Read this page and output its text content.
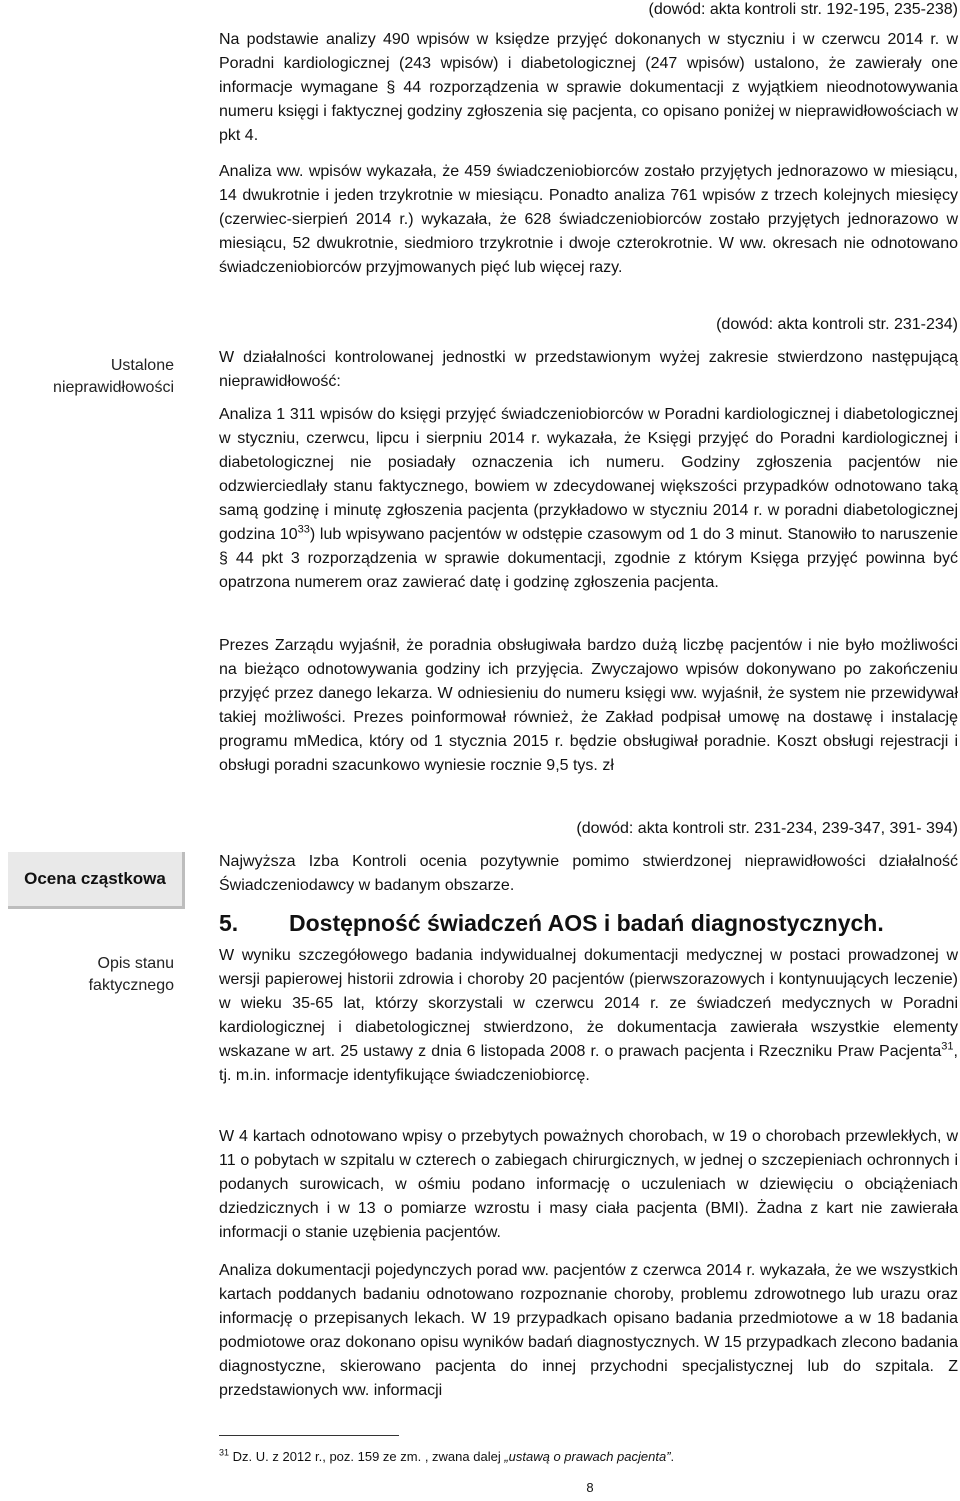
Ustalone
nieprawidłowości
Ocena cząstkowa
Opis stanu
faktycznego
(dowód: akta kontroli str. 192-195, 235-238)

Na podstawie analizy 490 wpisów w księdze przyjęć dokonanych w styczniu i w czerwcu 2014 r. w Poradni kardiologicznej (243 wpisów) i diabetologicznej (247 wpisów) ustalono, że zawierały one informacje wymagane § 44 rozporządzenia w sprawie dokumentacji z wyjątkiem nieodnotowywania numeru księgi i faktycznej godziny zgłoszenia się pacjenta, co opisano poniżej w nieprawidłowościach w pkt 4.

Analiza ww. wpisów wykazała, że 459 świadczeniobiorców zostało przyjętych jednorazowo w miesiącu, 14 dwukrotnie i jeden trzykrotnie w miesiącu. Ponadto analiza 761 wpisów z trzech kolejnych miesięcy (czerwiec-sierpień 2014 r.) wykazała, że 628 świadczeniobiorców zostało przyjętych jednorazowo w miesiącu, 52 dwukrotnie, siedmioro trzykrotnie i dwoje czterokrotnie. W ww. okresach nie odnotowano świadczeniobiorców przyjmowanych pięć lub więcej razy.

(dowód: akta kontroli str. 231-234)

W działalności kontrolowanej jednostki w przedstawionym wyżej zakresie stwierdzono następującą nieprawidłowość:

Analiza 1 311 wpisów do księgi przyjęć świadczeniobiorców w Poradni kardiologicznej i diabetologicznej w styczniu, czerwcu, lipcu i sierpniu 2014 r. wykazała, że Księgi przyjęć do Poradni kardiologicznej i diabetologicznej nie posiadały oznaczenia ich numeru. Godziny zgłoszenia pacjentów nie odzwierciedlały stanu faktycznego, bowiem w zdecydowanej większości przypadków odnotowano taką samą godzinę i minutę zgłoszenia pacjenta (przykładowo w styczniu 2014 r. w poradni diabetologicznej godzina $10^{33}$) lub wpisywano pacjentów w odstępie czasowym od 1 do 3 minut. Stanowiło to naruszenie § 44 pkt 3 rozporządzenia w sprawie dokumentacji, zgodnie z którym Księga przyjęć powinna być opatrzona numerem oraz zawierać datę i godzinę zgłoszenia pacjenta.

Prezes Zarządu wyjaśnił, że poradnia obsługiwała bardzo dużą liczbę pacjentów i nie było możliwości na bieżąco odnotowywania godziny ich przyjęcia. Zwyczajowo wpisów dokonywano po zakończeniu przyjęć przez danego lekarza. W odniesieniu do numeru księgi ww. wyjaśnił, że system nie przewidywał takiej możliwości. Prezes poinformował również, że Zakład podpisał umowę na dostawę i instalację programu mMedica, który od 1 stycznia 2015 r. będzie obsługiwał poradnie. Koszt obsługi rejestracji i obsługi poradni szacunkowo wyniesie rocznie 9,5 tys. zł

(dowód: akta kontroli str. 231-234, 239-347, 391- 394)

Najwyższa Izba Kontroli ocenia pozytywnie pomimo stwierdzonej nieprawidłowości działalność Świadczeniodawcy w badanym obszarze.

5. Dostępność świadczeń AOS i badań diagnostycznych.

W wyniku szczegółowego badania indywidualnej dokumentacji medycznej w postaci prowadzonej w wersji papierowej historii zdrowia i choroby 20 pacjentów (pierwszorazowych i kontynuujących leczenie) w wieku 35-65 lat, którzy skorzystali w czerwcu 2014 r. ze świadczeń medycznych w Poradni kardiologicznej i diabetologicznej stwierdzono, że dokumentacja zawierała wszystkie elementy wskazane w art. 25 ustawy z dnia 6 listopada 2008 r. o prawach pacjenta i Rzeczniku Praw Pacjenta$^{31}$, tj. m.in. informacje identyfikujące świadczeniobiorcę.

W 4 kartach odnotowano wpisy o przebytych poważnych chorobach, w 19 o chorobach przewlekłych, w 11 o pobytach w szpitalu w czterech o zabiegach chirurgicznych, w jednej o szczepieniach ochronnych i podanych surowicach, w ośmiu podano informację o uczuleniach w dziewięciu o obciążeniach dziedzicznych i w 13 o pomiarze wzrostu i masy ciała pacjenta (BMI). Żadna z kart nie zawierała informacji o stanie uzębienia pacjentów.

Analiza dokumentacji pojedynczych porad ww. pacjentów z czerwca 2014 r. wykazała, że we wszystkich kartach poddanych badaniu odnotowano rozpoznanie choroby, problemu zdrowotnego lub urazu oraz informację o przepisanych lekach. W 19 przypadkach opisano badania przedmiotowe a w 18 badania podmiotowe oraz dokonano opisu wyników badań diagnostycznych. W 15 przypadkach zlecono badania diagnostyczne, skierowano pacjenta do innej przychodni specjalistycznej lub do szpitala. Z przedstawionych ww. informacji

$^{31}$ Dz. U. z 2012 r., poz. 159 ze zm. , zwana dalej „ustawą o prawach pacjenta”.
8
